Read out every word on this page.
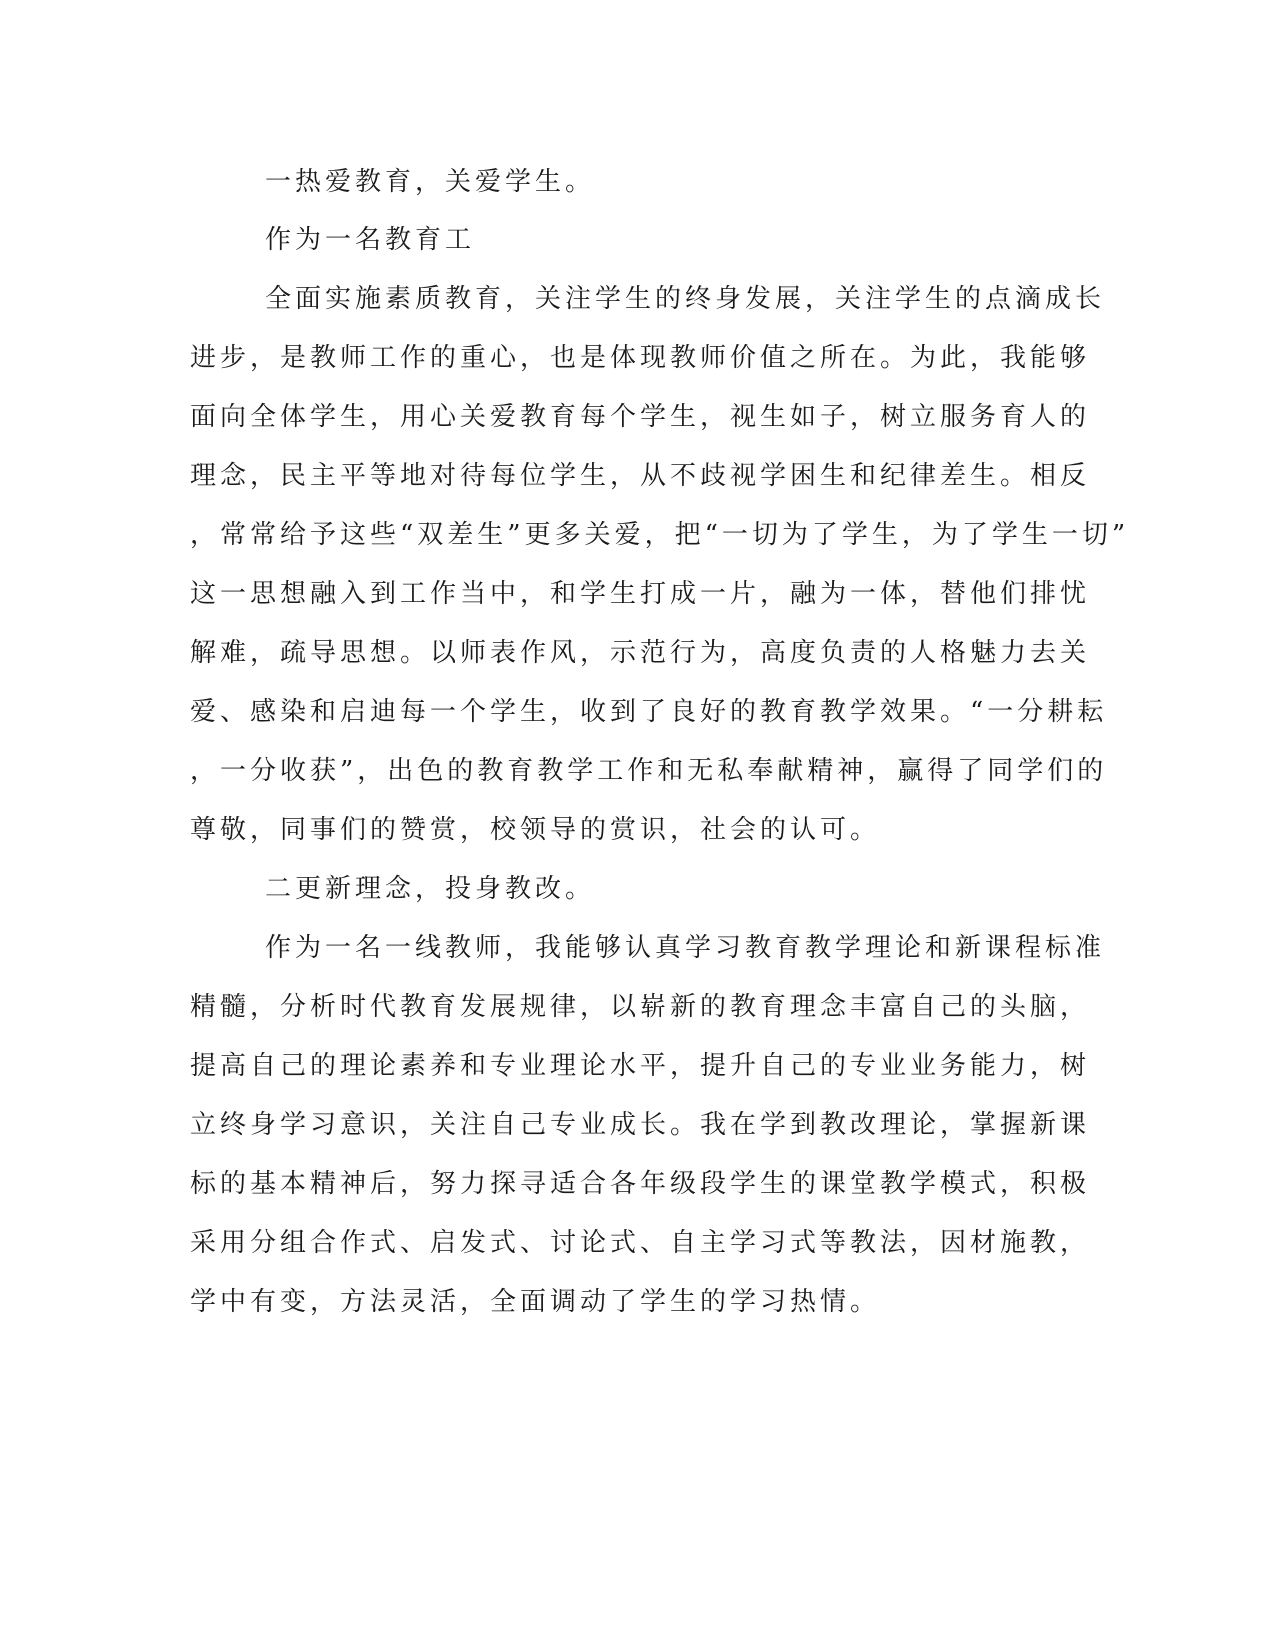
一热爱教育，关爱学生。
作为一名教育工
全面实施素质教育，关注学生的终身发展，关注学生的点滴成长
进步，是教师工作的重心，也是体现教师价值之所在。为此，我能够
面向全体学生，用心关爱教育每个学生，视生如子，树立服务育人的
理念，民主平等地对待每位学生，从不歧视学困生和纪律差生。相反
，常常给予这些“双差生”更多关爱，把“一切为了学生，为了学生一切”
这一思想融入到工作当中，和学生打成一片，融为一体，替他们排忧
解难，疏导思想。以师表作风，示范行为，高度负责的人格魅力去关
爱、感染和启迪每一个学生，收到了良好的教育教学效果。“一分耕耘
，一分收获”，出色的教育教学工作和无私奉献精神，赢得了同学们的
尊敬，同事们的赞赏，校领导的赏识，社会的认可。
二更新理念，投身教改。
作为一名一线教师，我能够认真学习教育教学理论和新课程标准
精髓，分析时代教育发展规律，以崭新的教育理念丰富自己的头脑，
提高自己的理论素养和专业理论水平，提升自己的专业业务能力，树
立终身学习意识，关注自己专业成长。我在学到教改理论，掌握新课
标的基本精神后，努力探寻适合各年级段学生的课堂教学模式，积极
采用分组合作式、启发式、讨论式、自主学习式等教法，因材施教，
学中有变，方法灵活，全面调动了学生的学习热情。
